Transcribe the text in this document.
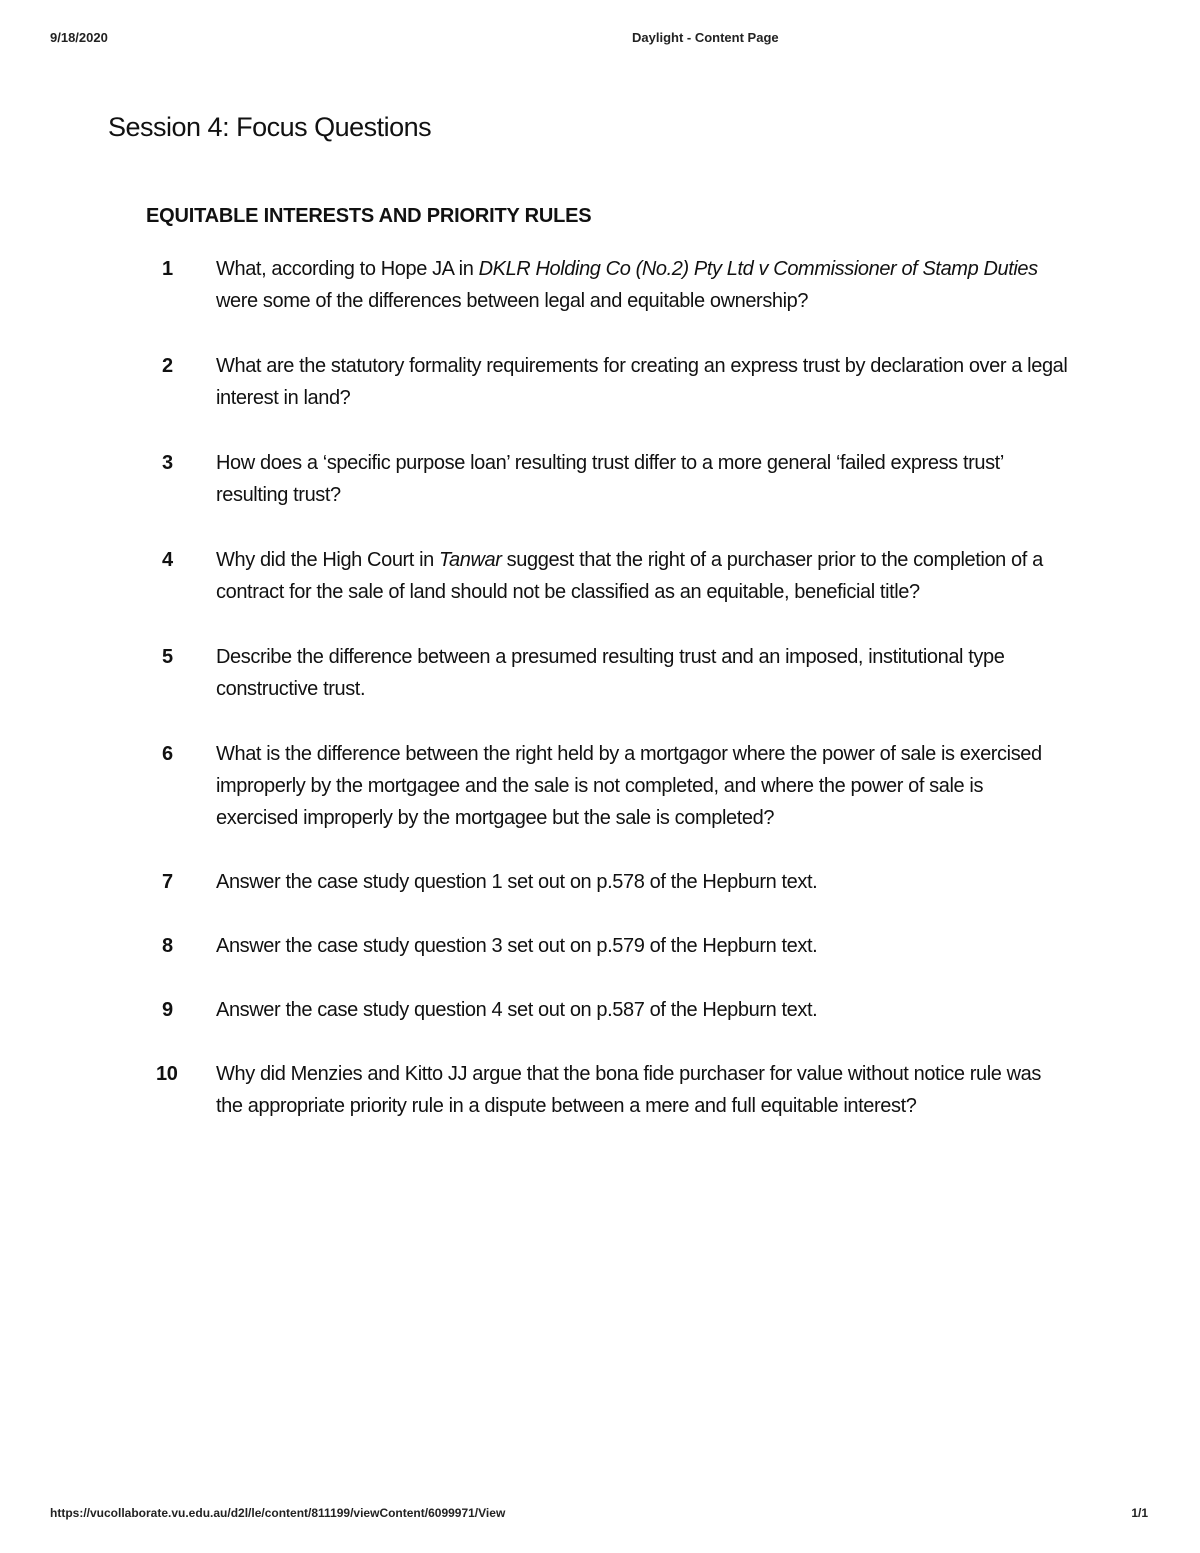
9/18/2020	Daylight - Content Page
Session 4: Focus Questions
EQUITABLE INTERESTS AND PRIORITY RULES
1	What, according to Hope JA in DKLR Holding Co (No.2) Pty Ltd v Commissioner of Stamp Duties were some of the differences between legal and equitable ownership?
2	What are the statutory formality requirements for creating an express trust by declaration over a legal interest in land?
3	How does a ‘specific purpose loan’ resulting trust differ to a more general ‘failed express trust’ resulting trust?
4	Why did the High Court in Tanwar suggest that the right of a purchaser prior to the completion of a contract for the sale of land should not be classified as an equitable, beneficial title?
5	Describe the difference between a presumed resulting trust and an imposed, institutional type constructive trust.
6	What is the difference between the right held by a mortgagor where the power of sale is exercised improperly by the mortgagee and the sale is not completed, and where the power of sale is exercised improperly by the mortgagee but the sale is completed?
7	Answer the case study question 1 set out on p.578 of the Hepburn text.
8	Answer the case study question 3 set out on p.579 of the Hepburn text.
9	Answer the case study question 4 set out on p.587 of the Hepburn text.
10	Why did Menzies and Kitto JJ argue that the bona fide purchaser for value without notice rule was the appropriate priority rule in a dispute between a mere and full equitable interest?
https://vucollaborate.vu.edu.au/d2l/le/content/811199/viewContent/6099971/View	1/1
